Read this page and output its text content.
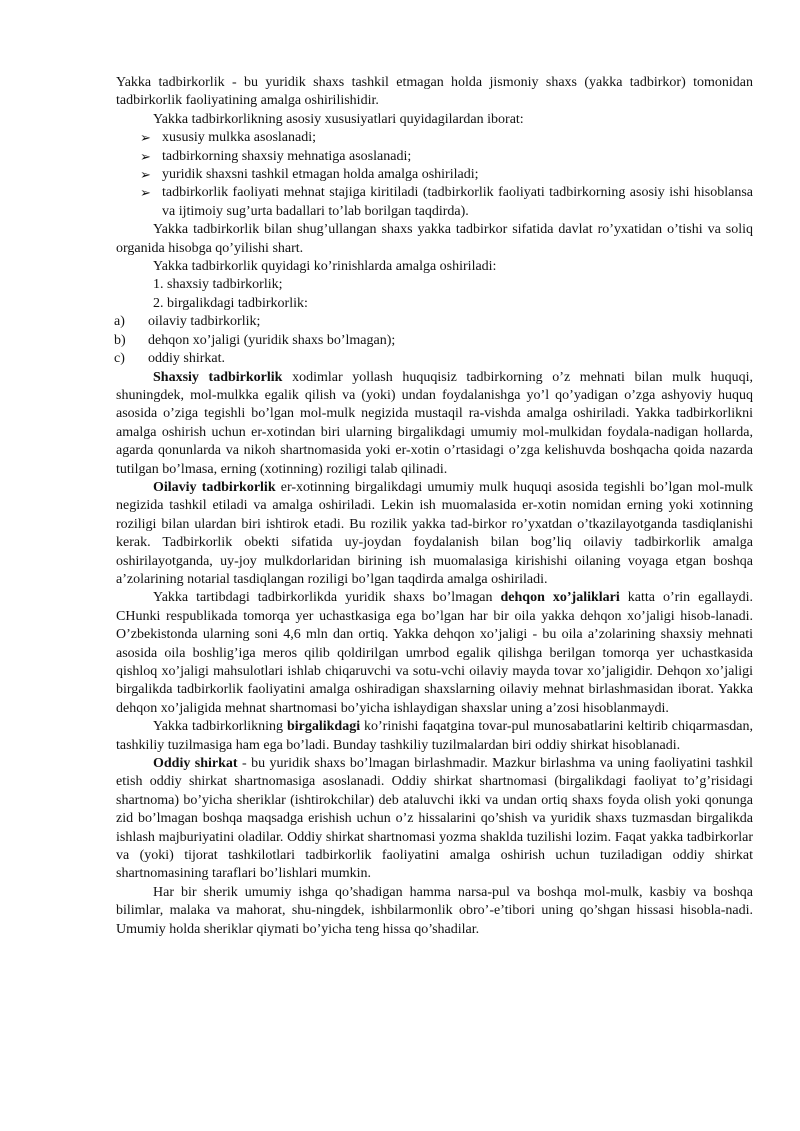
Yakka tadbirkorlik - bu yuridik shaxs tashkil etmagan holda jismoniy shaxs (yakka tadbirkor) tomonidan tadbirkorlik faoliyatining amalga oshirilishidir.

Yakka tadbirkorlikning asosiy xususiyatlari quyidagilardan iborat:

➢ xususiy mulkka asoslanadi;
➢ tadbirkorning shaxsiy mehnatiga asoslanadi;
➢ yuridik shaxsni tashkil etmagan holda amalga oshiriladi;
➢ tadbirkorlik faoliyati mehnat stajiga kiritiladi (tadbirkorlik faoliyati tadbirkorning asosiy ishi hisoblansa va ijtimoiy sug’urta badallari to’lab borilgan taqdirda).

Yakka tadbirkorlik bilan shug’ullangan shaxs yakka tadbirkor sifatida davlat ro’yxatidan o’tishi va soliq organida hisobga qo’yilishi shart.

Yakka tadbirkorlik quyidagi ko’rinishlarda amalga oshiriladi:

1. shaxsiy tadbirkorlik;

2. birgalikdagi tadbirkorlik:

a) oilaviy tadbirkorlik;
b) dehqon xo’jaligi (yuridik shaxs bo’lmagan);
c) oddiy shirkat.

Shaxsiy tadbirkorlik xodimlar yollash huquqisiz tadbirkorning o’z mehnati bilan mulk huquqi, shuningdek, mol-mulkka egalik qilish va (yoki) undan foydalanishga yo’l qo’yadigan o’zga ashyoviy huquq asosida o’ziga tegishli bo’lgan mol-mulk negizida mustaqil ra-vishda amalga oshiriladi. Yakka tadbirkorlikni amalga oshirish uchun er-xotindan biri ularning birgalikdagi umumiy mol-mulkidan foydala-nadigan hollarda, agarda qonunlarda va nikoh shartnomasida yoki er-xotin o’rtasidagi o’zga kelishuvda boshqacha qoida nazarda tutilgan bo’lmasa, erning (xotinning) roziligi talab qilinadi.

Oilaviy tadbirkorlik er-xotinning birgalikdagi umumiy mulk huquqi asosida tegishli bo’lgan mol-mulk negizida tashkil etiladi va amalga oshiriladi. Lekin ish muomalasida er-xotin nomidan erning yoki xotinning roziligi bilan ulardan biri ishtirok etadi. Bu rozilik yakka tad-birkor ro’yxatdan o’tkazilayotganda tasdiqlanishi kerak. Tadbirkorlik obekti sifatida uy-joydan foydalanish bilan bog’liq oilaviy tadbirkorlik amalga oshirilayotganda, uy-joy mulkdorlaridan birining ish muomalasiga kirishishi oilaning voyaga etgan boshqa a’zolarining notarial tasdiqlangan roziligi bo’lgan taqdirda amalga oshiriladi.

Yakka tartibdagi tadbirkorlikda yuridik shaxs bo’lmagan dehqon xo’jaliklari katta o’rin egallaydi. CHunki respublikada tomorqa yer uchastkasiga ega bo’lgan har bir oila yakka dehqon xo’jaligi hisob-lanadi. O’zbekistonda ularning soni 4,6 mln dan ortiq. Yakka dehqon xo’jaligi - bu oila a’zolarining shaxsiy mehnati asosida oila boshlig’iga meros qilib qoldirilgan umrbod egalik qilishga berilgan tomorqa yer uchastkasida qishloq xo’jaligi mahsulotlari ishlab chiqaruvchi va sotu-vchi oilaviy mayda tovar xo’jaligidir. Dehqon xo’jaligi birgalikda tadbirkorlik faoliyatini amalga oshiradigan shaxslarning oilaviy mehnat birlashmasidan iborat. Yakka dehqon xo’jaligida mehnat shartnomasi bo’yicha ishlaydigan shaxslar uning a’zosi hisoblanmaydi.

Yakka tadbirkorlikning birgalikdagi ko’rinishi faqatgina tovar-pul munosabatlarini keltirib chiqarmasdan, tashkiliy tuzilmasiga ham ega bo’ladi. Bunday tashkiliy tuzilmalardan biri oddiy shirkat hisoblanadi.

Oddiy shirkat - bu yuridik shaxs bo’lmagan birlashmadir. Mazkur birlashma va uning faoliyatini tashkil etish oddiy shirkat shartnomasiga asoslanadi. Oddiy shirkat shartnomasi (birgalikdagi faoliyat to’g’risidagi shartnoma) bo’yicha sheriklar (ishtirokchilar) deb ataluvchi ikki va undan ortiq shaxs foyda olish yoki qonunga zid bo’lmagan boshqa maqsadga erishish uchun o’z hissalarini qo’shish va yuridik shaxs tuzmasdan birgalikda ishlash majburiyatini oladilar. Oddiy shirkat shartnomasi yozma shaklda tuzilishi lozim. Faqat yakka tadbirkorlar va (yoki) tijorat tashkilotlari tadbirkorlik faoliyatini amalga oshirish uchun tuziladigan oddiy shirkat shartnomasining taraflari bo’lishlari mumkin.

Har bir sherik umumiy ishga qo’shadigan hamma narsa-pul va boshqa mol-mulk, kasbiy va boshqa bilimlar, malaka va mahorat, shu-ningdek, ishbilarmonlik obro’-e’tibori uning qo’shgan hissasi hisobla-nadi. Umumiy holda sheriklar qiymati bo’yicha teng hissa qo’shadilar.
